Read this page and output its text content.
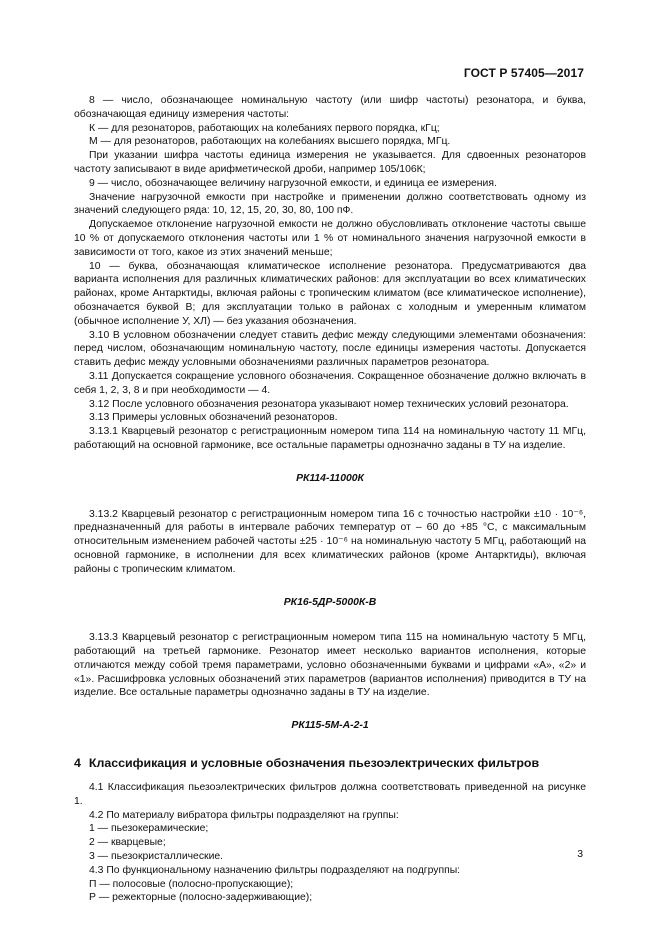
ГОСТ Р 57405—2017

8 — число, обозначающее номинальную частоту (или шифр частоты) резонатора, и буква, обозначающая единицу измерения частоты:

К — для резонаторов, работающих на колебаниях первого порядка, кГц;

М — для резонаторов, работающих на колебаниях высшего порядка, МГц.

При указании шифра частоты единица измерения не указывается. Для сдвоенных резонаторов частоту записывают в виде арифметической дроби, например 105/106К;

9 — число, обозначающее величину нагрузочной емкости, и единица ее измерения.

Значение нагрузочной емкости при настройке и применении должно соответствовать одному из значений следующего ряда: 10, 12, 15, 20, 30, 80, 100 пФ.

Допускаемое отклонение нагрузочной емкости не должно обусловливать отклонение частоты свыше 10 % от допускаемого отклонения частоты или 1 % от номинального значения нагрузочной емкости в зависимости от того, какое из этих значений меньше;

10 — буква, обозначающая климатическое исполнение резонатора. Предусматриваются два варианта исполнения для различных климатических районов: для эксплуатации во всех климатических районах, кроме Антарктиды, включая районы с тропическим климатом (все климатическое исполнение), обозначается буквой В; для эксплуатации только в районах с холодным и умеренным климатом (обычное исполнение У, ХЛ) — без указания обозначения.

3.10 В условном обозначении следует ставить дефис между следующими элементами обозначения: перед числом, обозначающим номинальную частоту, после единицы измерения частоты. Допускается ставить дефис между условными обозначениями различных параметров резонатора.

3.11 Допускается сокращение условного обозначения. Сокращенное обозначение должно включать в себя 1, 2, 3, 8 и при необходимости — 4.

3.12 После условного обозначения резонатора указывают номер технических условий резонатора.

3.13 Примеры условных обозначений резонаторов.

3.13.1 Кварцевый резонатор с регистрационным номером типа 114 на номинальную частоту 11 МГц, работающий на основной гармонике, все остальные параметры однозначно заданы в ТУ на изделие.

РК114-11000К

3.13.2 Кварцевый резонатор с регистрационным номером типа 16 с точностью настройки ±10 · 10⁻⁶, предназначенный для работы в интервале рабочих температур от – 60 до +85 °С, с максимальным относительным изменением рабочей частоты ±25 · 10⁻⁶ на номинальную частоту 5 МГц, работающий на основной гармонике, в исполнении для всех климатических районов (кроме Антарктиды), включая районы с тропическим климатом.

РК16-5ДР-5000К-В

3.13.3 Кварцевый резонатор с регистрационным номером типа 115 на номинальную частоту 5 МГц, работающий на третьей гармонике. Резонатор имеет несколько вариантов исполнения, которые отличаются между собой тремя параметрами, условно обозначенными буквами и цифрами «А», «2» и «1». Расшифровка условных обозначений этих параметров (вариантов исполнения) приводится в ТУ на изделие. Все остальные параметры однозначно заданы в ТУ на изделие.

РК115-5М-А-2-1

4 Классификация и условные обозначения пьезоэлектрических фильтров

4.1 Классификация пьезоэлектрических фильтров должна соответствовать приведенной на рисунке 1.

4.2 По материалу вибратора фильтры подразделяют на группы:

1 — пьезокерамические;

2 — кварцевые;

3 — пьезокристаллические.

4.3 По функциональному назначению фильтры подразделяют на подгруппы:

П — полосовые (полосно-пропускающие);

Р — режекторные (полосно-задерживающие);

3
